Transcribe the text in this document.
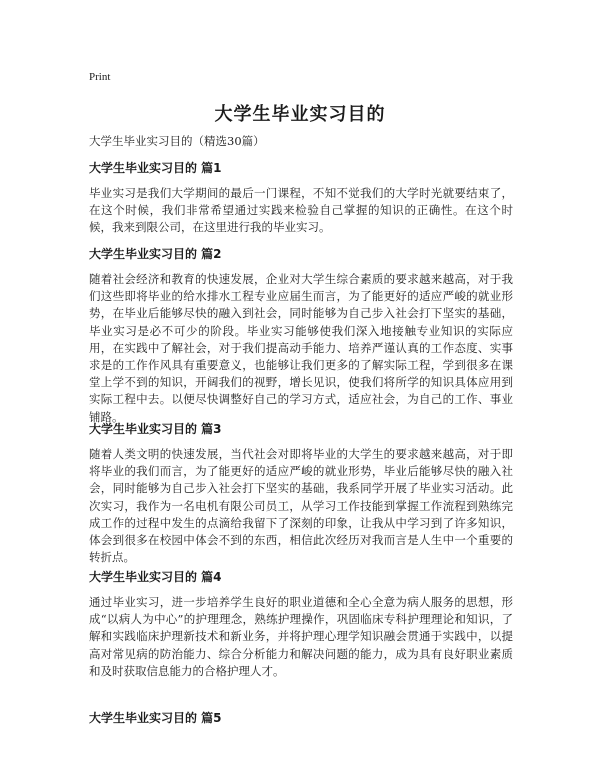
Print
大学生毕业实习目的
大学生毕业实习目的（精选30篇）
大学生毕业实习目的 篇1

毕业实习是我们大学期间的最后一门课程，不知不觉我们的大学时光就要结束了，在这个时候，我们非常希望通过实践来检验自己掌握的知识的正确性。在这个时候，我来到限公司，在这里进行我的毕业实习。

大学生毕业实习目的 篇2

随着社会经济和教育的快速发展，企业对大学生综合素质的要求越来越高，对于我们这些即将毕业的给水排水工程专业应届生而言，为了能更好的适应严峻的就业形势，在毕业后能够尽快的融入到社会，同时能够为自己步入社会打下坚实的基础，毕业实习是必不可少的阶段。毕业实习能够使我们深入地接触专业知识的实际应用，在实践中了解社会，对于我们提高动手能力、培养严谨认真的工作态度、实事求是的工作作风具有重要意义，也能够让我们更多的了解实际工程，学到很多在课堂上学不到的知识，开阔我们的视野，增长见识，使我们将所学的知识具体应用到实际工程中去。以便尽快调整好自己的学习方式，适应社会，为自己的工作、事业铺路。

大学生毕业实习目的 篇3

随着人类文明的快速发展，当代社会对即将毕业的大学生的要求越来越高，对于即将毕业的我们而言，为了能更好的适应严峻的就业形势，毕业后能够尽快的融入社会，同时能够为自己步入社会打下坚实的基础，我系同学开展了毕业实习活动。此次实习，我作为一名电机有限公司员工，从学习工作技能到掌握工作流程到熟练完成工作的过程中发生的点滴给我留下了深刻的印象，让我从中学习到了许多知识，体会到很多在校园中体会不到的东西，相信此次经历对我而言是人生中一个重要的转折点。

大学生毕业实习目的 篇4

通过毕业实习，进一步培养学生良好的职业道德和全心全意为病人服务的思想，形成“以病人为中心”的护理理念，熟练护理操作，巩固临床专科护理理论和知识，了解和实践临床护理新技术和新业务，并将护理心理学知识融会贯通于实践中，以提高对常见病的防治能力、综合分析能力和解决问题的能力，成为具有良好职业素质和及时获取信息能力的合格护理人才。

大学生毕业实习目的 篇5
